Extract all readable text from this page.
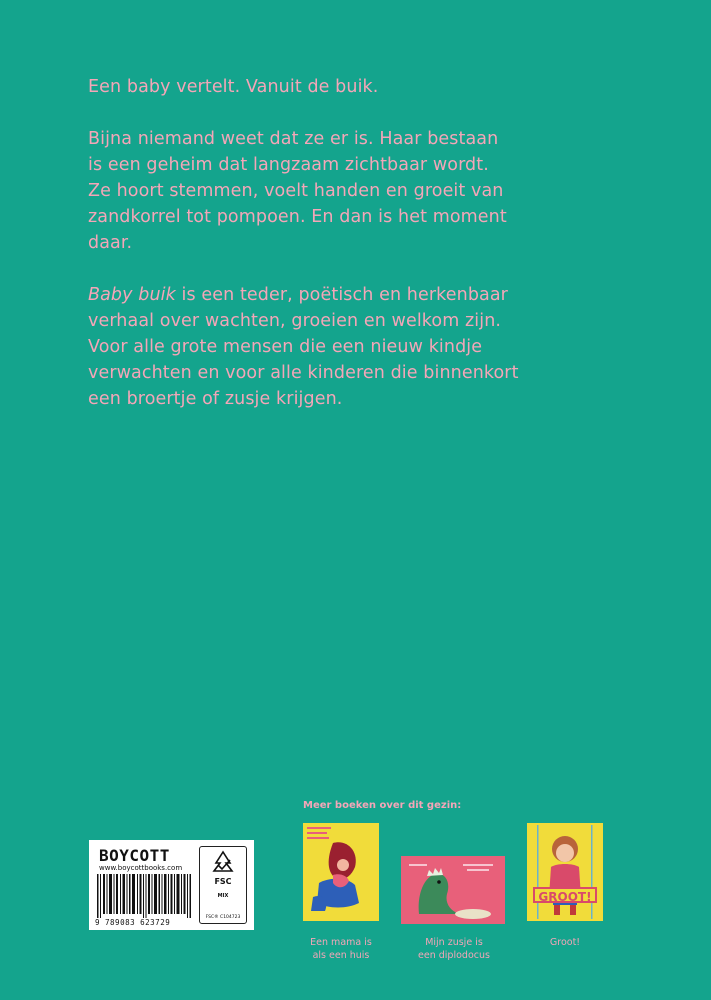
Een baby vertelt. Vanuit de buik.

Bijna niemand weet dat ze er is. Haar bestaan
is een geheim dat langzaam zichtbaar wordt.
Ze hoort stemmen, voelt handen en groeit van
zandkorrel tot pompoen. En dan is het moment
daar.

Baby buik is een teder, poëtisch en herkenbaar
verhaal over wachten, groeien en welkom zijn.
Voor alle grote mensen die een nieuw kindje
verwachten en voor alle kinderen die binnenkort
een broertje of zusje krijgen.

Meer boeken over dit gezin:
BOYCOTT
www.boycottbooks.com
9 789083 623729
FSC
MIX
FSC® C104723
Een mama is
als een huis
Mijn zusje is
een diplodocus
GROOT!
Groot!
